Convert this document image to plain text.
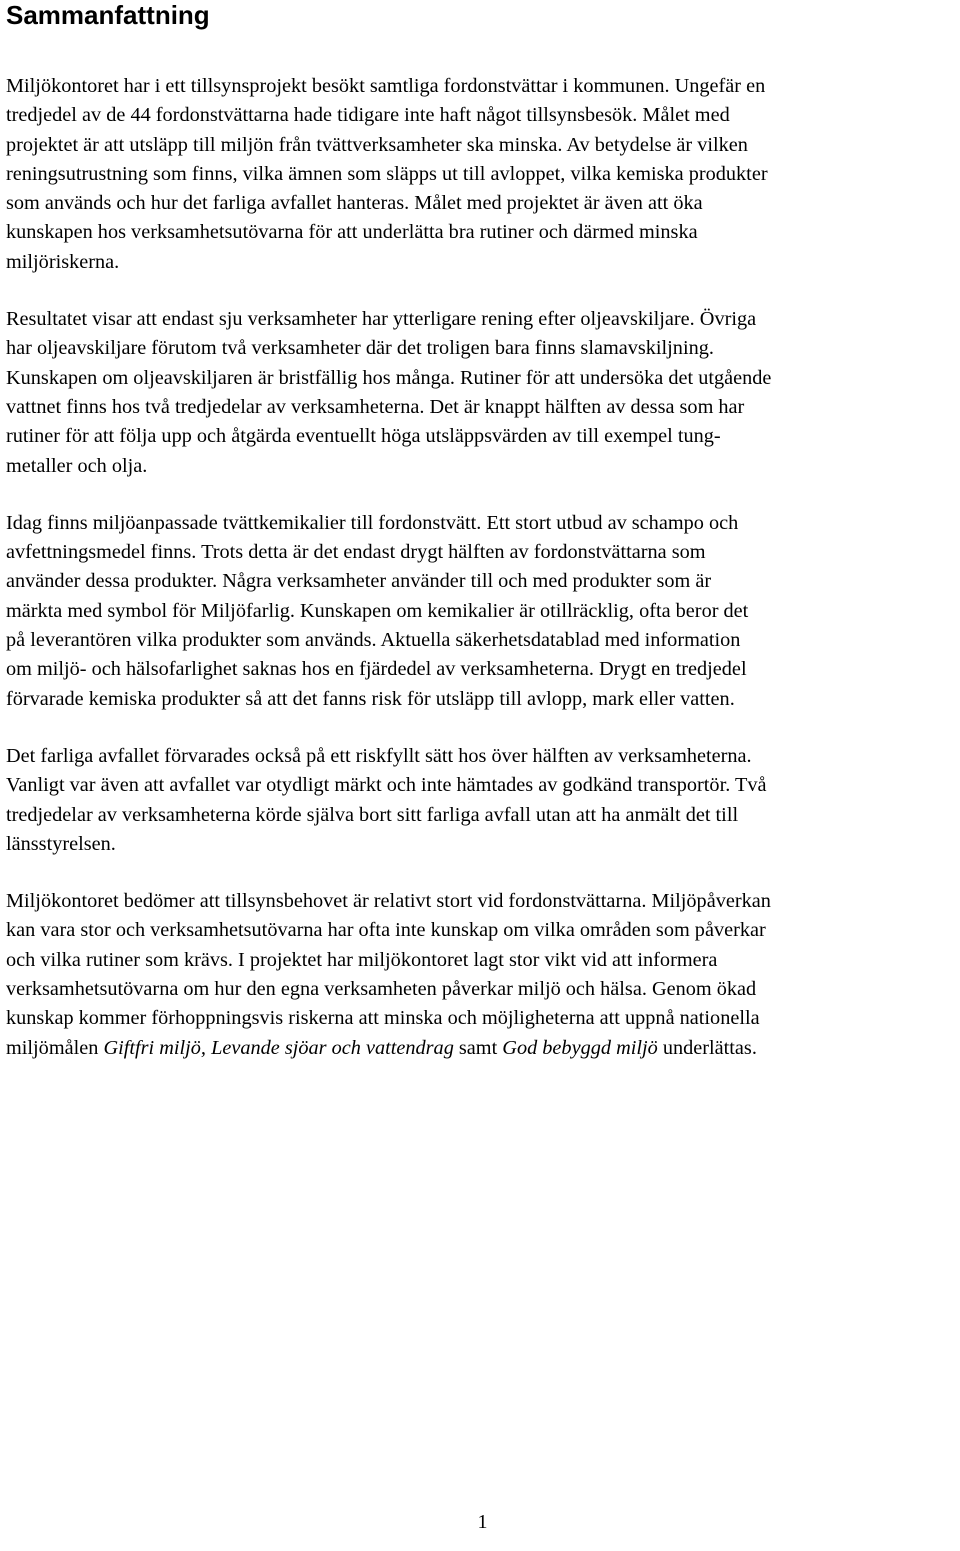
Sammanfattning

Miljökontoret har i ett tillsynsprojekt besökt samtliga fordonstvättar i kommunen. Ungefär en
tredjedel av de 44 fordonstvättarna hade tidigare inte haft något tillsynsbesök. Målet med
projektet är att utsläpp till miljön från tvättverksamheter ska minska. Av betydelse är vilken
reningsutrustning som finns, vilka ämnen som släpps ut till avloppet, vilka kemiska produkter
som används och hur det farliga avfallet hanteras. Målet med projektet är även att öka
kunskapen hos verksamhetsutövarna för att underlätta bra rutiner och därmed minska
miljöriskerna.

Resultatet visar att endast sju verksamheter har ytterligare rening efter oljeavskiljare. Övriga
har oljeavskiljare förutom två verksamheter där det troligen bara finns slamavskiljning.
Kunskapen om oljeavskiljaren är bristfällig hos många. Rutiner för att undersöka det utgående
vattnet finns hos två tredjedelar av verksamheterna. Det är knappt hälften av dessa som har
rutiner för att följa upp och åtgärda eventuellt höga utsläppsvärden av till exempel tung-
metaller och olja.

Idag finns miljöanpassade tvättkemikalier till fordonstvätt. Ett stort utbud av schampo och
avfettningsmedel finns. Trots detta är det endast drygt hälften av fordonstvättarna som
använder dessa produkter. Några verksamheter använder till och med produkter som är
märkta med symbol för Miljöfarlig. Kunskapen om kemikalier är otillräcklig, ofta beror det
på leverantören vilka produkter som används. Aktuella säkerhetsdatablad med information
om miljö- och hälsofarlighet saknas hos en fjärdedel av verksamheterna. Drygt en tredjedel
förvarade kemiska produkter så att det fanns risk för utsläpp till avlopp, mark eller vatten.

Det farliga avfallet förvarades också på ett riskfyllt sätt hos över hälften av verksamheterna.
Vanligt var även att avfallet var otydligt märkt och inte hämtades av godkänd transportör. Två
tredjedelar av verksamheterna körde själva bort sitt farliga avfall utan att ha anmält det till
länsstyrelsen.

Miljökontoret bedömer att tillsynsbehovet är relativt stort vid fordonstvättarna. Miljöpåverkan
kan vara stor och verksamhetsutövarna har ofta inte kunskap om vilka områden som påverkar
och vilka rutiner som krävs. I projektet har miljökontoret lagt stor vikt vid att informera
verksamhetsutövarna om hur den egna verksamheten påverkar miljö och hälsa. Genom ökad
kunskap kommer förhoppningsvis riskerna att minska och möjligheterna att uppnå nationella
miljömålen Giftfri miljö, Levande sjöar och vattendrag samt God bebyggd miljö underlättas.

1
